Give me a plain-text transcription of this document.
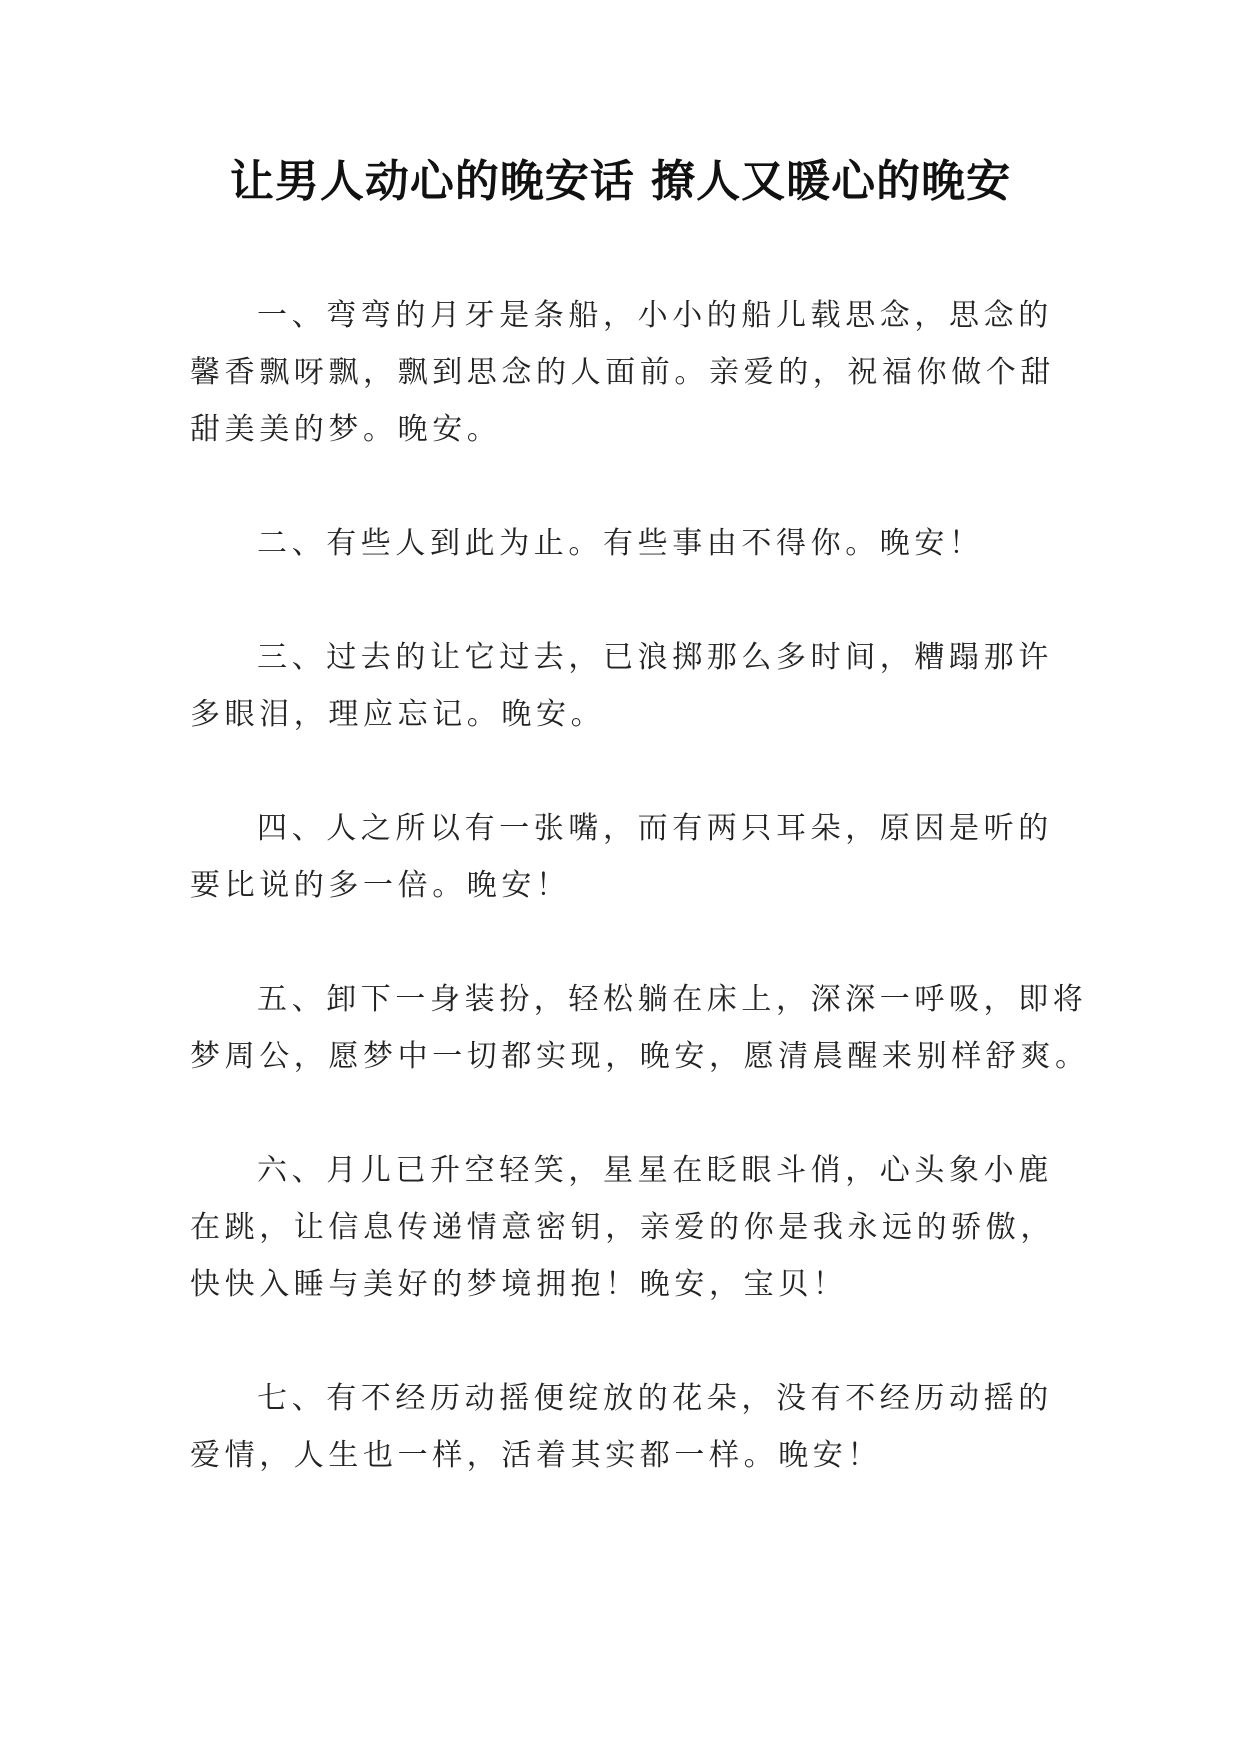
让男人动心的晚安话 撩人又暖心的晚安

一、弯弯的月牙是条船，小小的船儿载思念，思念的馨香飘呀飘，飘到思念的人面前。亲爱的，祝福你做个甜甜美美的梦。晚安。

二、有些人到此为止。有些事由不得你。晚安！

三、过去的让它过去，已浪掷那么多时间，糟蹋那许多眼泪，理应忘记。晚安。

四、人之所以有一张嘴，而有两只耳朵，原因是听的要比说的多一倍。晚安！

五、卸下一身装扮，轻松躺在床上，深深一呼吸，即将梦周公，愿梦中一切都实现，晚安，愿清晨醒来别样舒爽。

六、月儿已升空轻笑，星星在眨眼斗俏，心头象小鹿在跳，让信息传递情意密钥，亲爱的你是我永远的骄傲，快快入睡与美好的梦境拥抱！晚安，宝贝！

七、有不经历动摇便绽放的花朵，没有不经历动摇的爱情，人生也一样，活着其实都一样。晚安！
